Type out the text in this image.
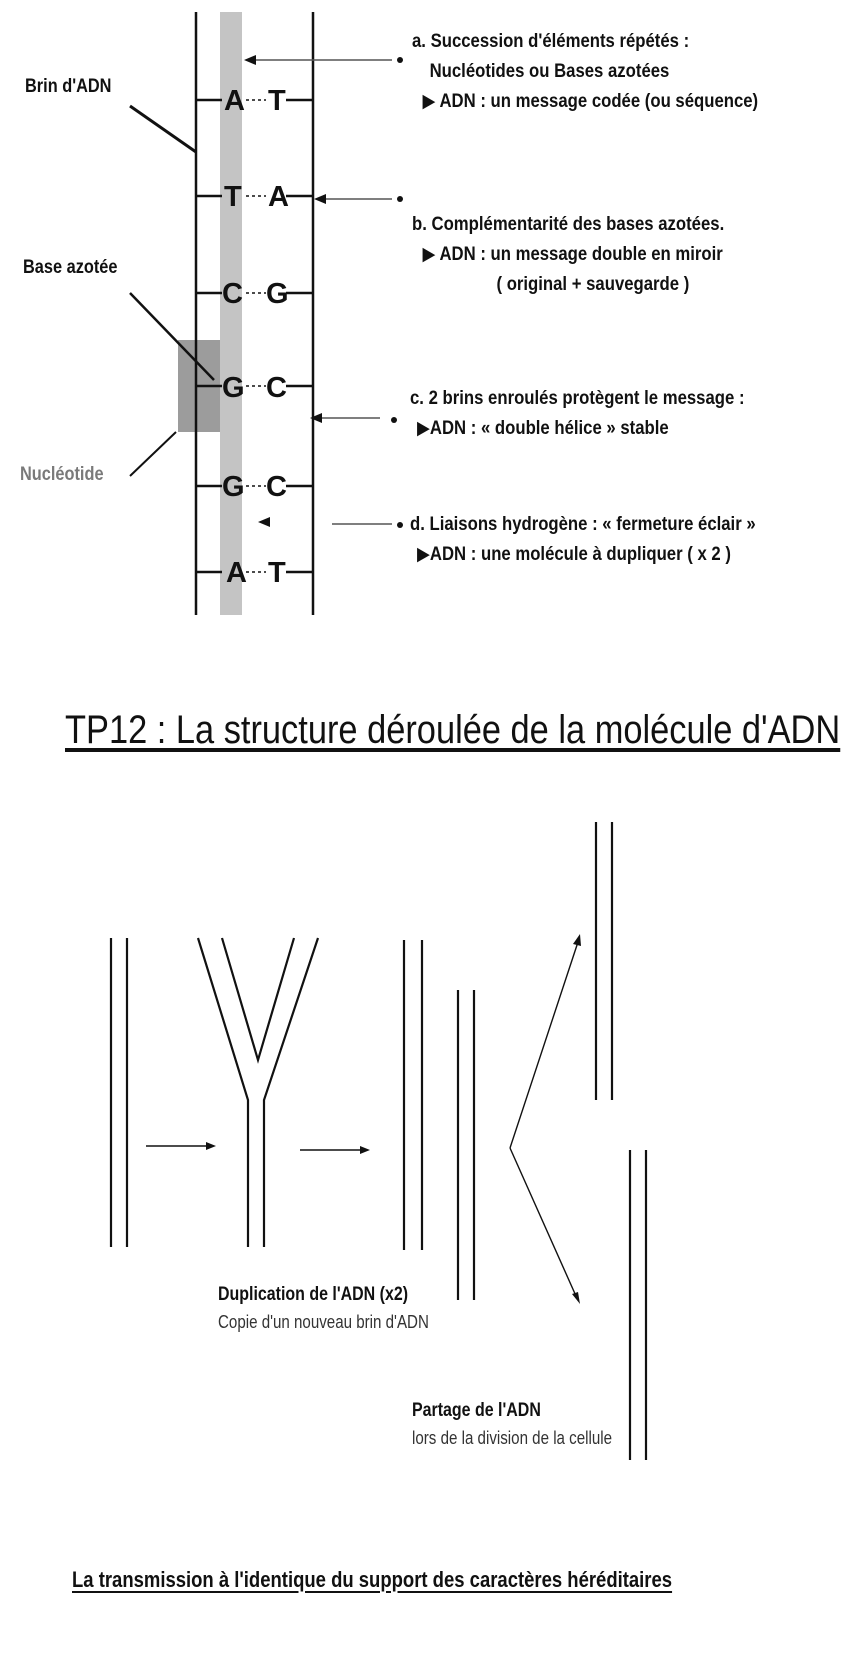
A T
T A
C G
G C
G C
A T
Brin d'ADN
Base azotée
Nucléotide
a. Succession d'éléments répétés :
Nucléotides ou Bases azotées
▶ ADN : un message codée (ou séquence)
b. Complémentarité des bases azotées.
▶ ADN : un message double en miroir
( original + sauvegarde )
c. 2 brins enroulés protègent le message :
▶ADN : « double hélice » stable
d. Liaisons hydrogène : « fermeture éclair »
▶ADN : une molécule à dupliquer ( x 2 )
TP12 : La structure déroulée de la molécule d'ADN
Duplication de l'ADN (x2)
Copie d'un nouveau brin d'ADN
Partage de l'ADN
lors de la division de la cellule
La transmission à l'identique du support des caractères héréditaires
